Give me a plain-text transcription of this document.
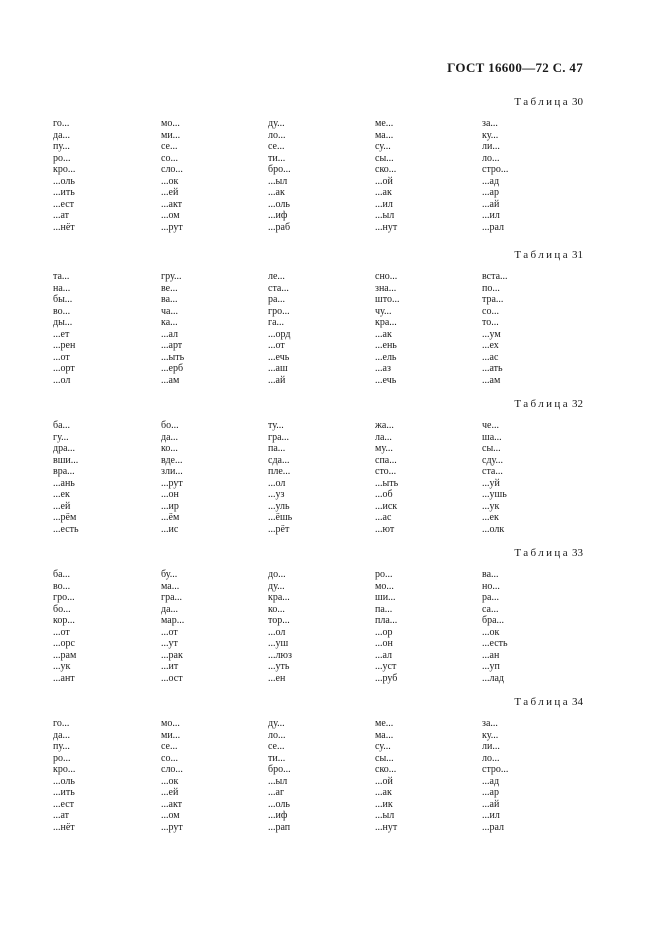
ГОСТ 16600—72 С. 47
Таблица 30
го...
да...
пу...
ро...
кро...
...оль
...ить
...ест
...ат
...нёт
мо...
ми...
се...
со...
сло...
...ок
...ей
...акт
...ом
...рут
ду...
ло...
се...
ти...
бро...
...ыл
...ак
...оль
...иф
...раб
ме...
ма...
су...
сы...
ско...
...ой
...ак
...ил
...ыл
...нут
за...
ку...
ли...
ло...
стро...
...ад
...ар
...ай
...ил
...рал
Таблица 31
та...
на...
бы...
во...
ды...
...ет
...рен
...от
...орт
...ол
гру...
ве...
ва...
ча...
ка...
...ал
...арт
...ыть
...ерб
...ам
ле...
ста...
ра...
гро...
га...
...орд
...от
...ечь
...аш
...ай
сно...
зна...
што...
чу...
кра...
...ак
...ень
...ель
...аз
...ечь
вста...
по...
тра...
со...
то...
...ум
...ех
...ас
...ать
...ам
Таблица 32
ба...
гу...
дра...
вши...
вра...
...ань
...ек
...ей
...рём
...есть
бо...
да...
ко...
вде...
зли...
...рут
...он
...ир
...ём
...ис
ту...
гра...
па...
сда...
пле...
...ол
...уз
...уль
...ёшь
...рёт
жа...
ла...
му...
спа...
сто...
...ыть
...об
...иск
...ас
...ют
че...
ша...
сы...
сду...
ста...
...уй
...ушь
...ук
...ек
...олк
Таблица 33
ба...
во...
гро...
бо...
кор...
...от
...орс
...рам
...ук
...ант
бу...
ма...
гра...
да...
мар...
...от
...ут
...рак
...ит
...ост
до...
ду...
кра...
ко...
тор...
...ол
...уш
...люз
...уть
...ен
ро...
мо...
ши...
па...
пла...
...ор
...он
...ал
...уст
...руб
ва...
но...
ра...
са...
бра...
...ок
...есть
...ан
...уп
...лад
Таблица 34
го...
да...
пу...
ро...
кро...
...оль
...ить
...ест
...ат
...нёт
мо...
ми...
се...
со...
сло...
...ок
...ей
...акт
...ом
...рут
ду...
ло...
се...
ти...
бро...
...ыл
...аг
...оль
...иф
...рап
ме...
ма...
су...
сы...
ско...
...ой
...ак
...ик
...ыл
...нут
за...
ку...
ли...
ло...
стро...
...ад
...ар
...ай
...ил
...рал
